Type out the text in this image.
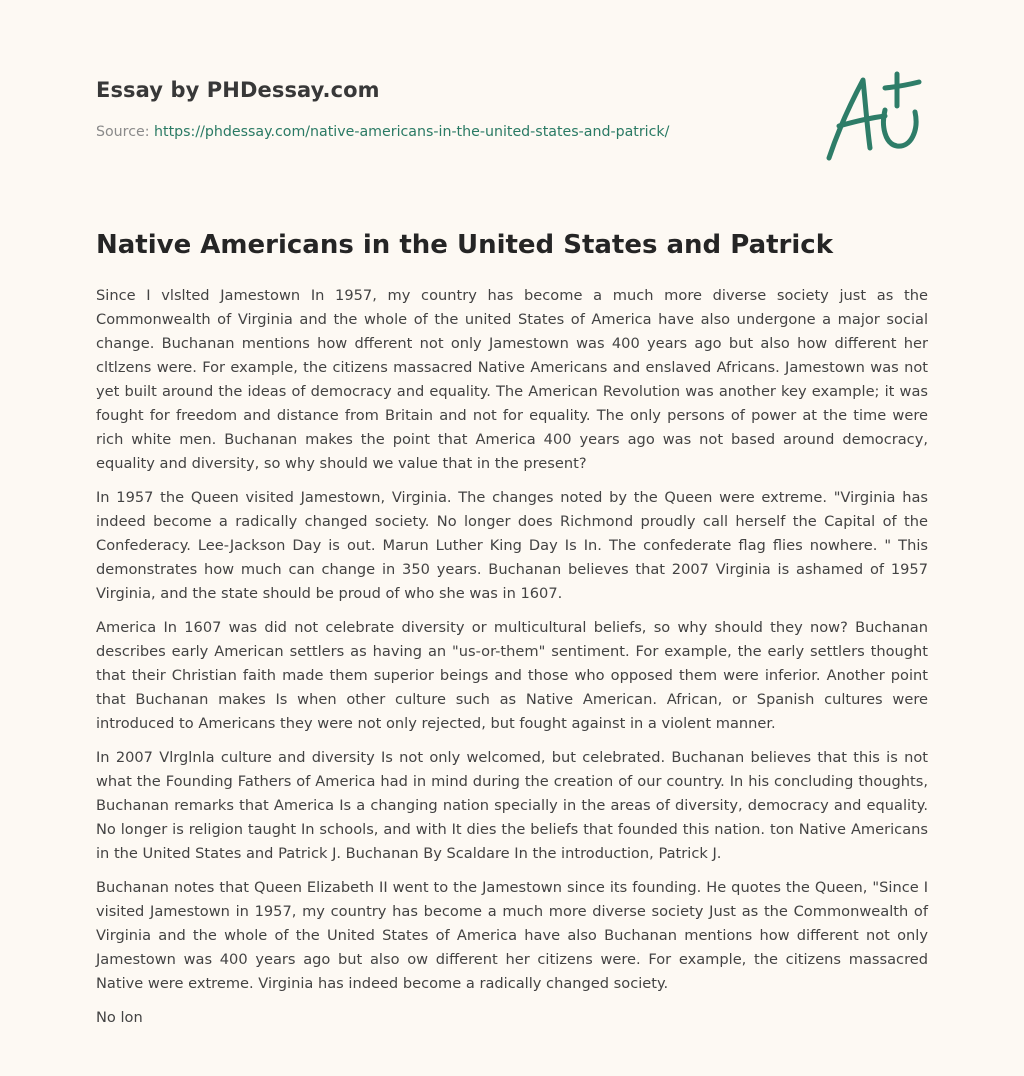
Essay by PHDessay.com
Source: https://phdessay.com/native-americans-in-the-united-states-and-patrick/
Native Americans in the United States and Patrick

Since I vlslted Jamestown In 1957, my country has become a much more diverse society just as the Commonwealth of Virginia and the whole of the united States of America have also undergone a major social change. Buchanan mentions how dfferent not only Jamestown was 400 years ago but also how different her cltlzens were. For example, the citizens massacred Native Americans and enslaved Africans. Jamestown was not yet built around the ideas of democracy and equality. The American Revolution was another key example; it was fought for freedom and distance from Britain and not for equality. The only persons of power at the time were rich white men. Buchanan makes the point that America 400 years ago was not based around democracy, equality and diversity, so why should we value that in the present?

In 1957 the Queen visited Jamestown, Virginia. The changes noted by the Queen were extreme. "Virginia has indeed become a radically changed society. No longer does Richmond proudly call herself the Capital of the Confederacy. Lee-Jackson Day is out. Marun Luther King Day Is In. The confederate flag flies nowhere. " This demonstrates how much can change in 350 years. Buchanan believes that 2007 Virginia is ashamed of 1957 Virginia, and the state should be proud of who she was in 1607.

America In 1607 was did not celebrate diversity or multicultural beliefs, so why should they now? Buchanan describes early American settlers as having an "us-or-them" sentiment. For example, the early settlers thought that their Christian faith made them superior beings and those who opposed them were inferior. Another point that Buchanan makes Is when other culture such as Native American. African, or Spanish cultures were introduced to Americans they were not only rejected, but fought against in a violent manner.

In 2007 Vlrglnla culture and diversity Is not only welcomed, but celebrated. Buchanan believes that this is not what the Founding Fathers of America had in mind during the creation of our country. In his concluding thoughts, Buchanan remarks that America Is a changing nation specially in the areas of diversity, democracy and equality. No longer is religion taught In schools, and with It dies the beliefs that founded this nation. ton Native Americans in the United States and Patrick J. Buchanan By Scaldare In the introduction, Patrick J.

Buchanan notes that Queen Elizabeth II went to the Jamestown since its founding. He quotes the Queen, "Since I visited Jamestown in 1957, my country has become a much more diverse society Just as the Commonwealth of Virginia and the whole of the United States of America have also Buchanan mentions how different not only Jamestown was 400 years ago but also ow different her citizens were. For example, the citizens massacred Native were extreme. Virginia has indeed become a radically changed society.

No lon
